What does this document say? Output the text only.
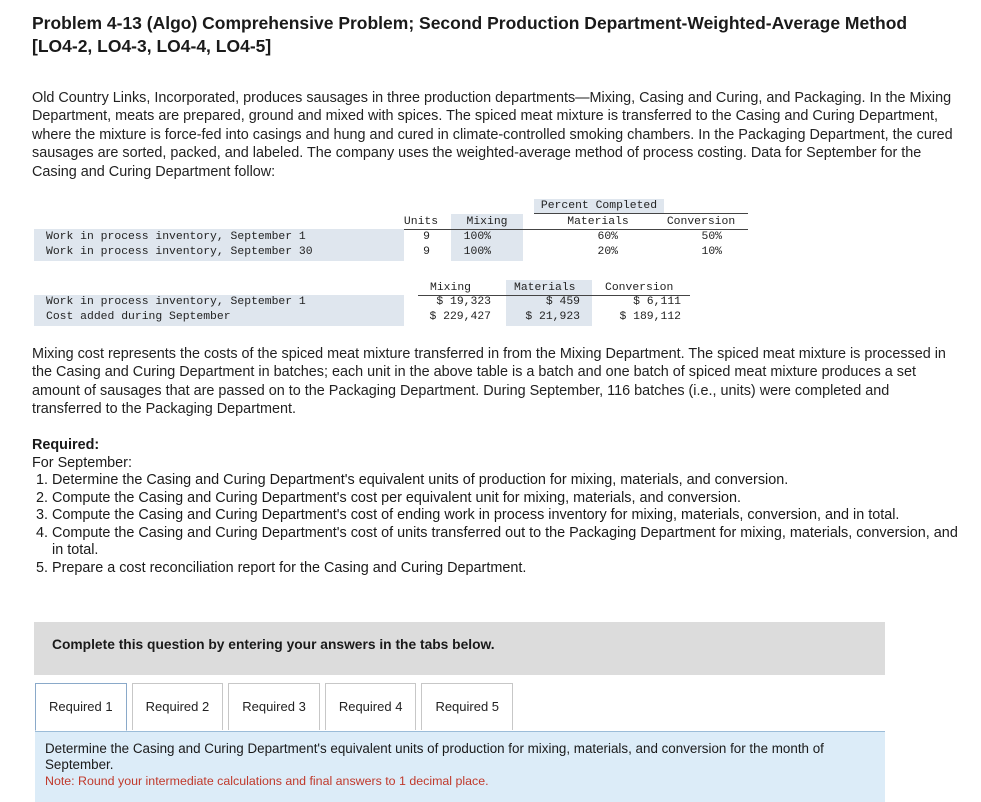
Problem 4-13 (Algo) Comprehensive Problem; Second Production Department-Weighted-Average Method [LO4-2, LO4-3, LO4-4, LO4-5]
Old Country Links, Incorporated, produces sausages in three production departments—Mixing, Casing and Curing, and Packaging. In the Mixing Department, meats are prepared, ground and mixed with spices. The spiced meat mixture is transferred to the Casing and Curing Department, where the mixture is force-fed into casings and hung and cured in climate-controlled smoking chambers. In the Packaging Department, the cured sausages are sorted, packed, and labeled. The company uses the weighted-average method of process costing. Data for September for the Casing and Curing Department follow:
Percent Completed
Units	Mixing	Materials	Conversion
Work in process inventory, September 1	9	100%	60%	50%
Work in process inventory, September 30	9	100%	20%	10%
Mixing	Materials	Conversion
Work in process inventory, September 1	$ 19,323	$ 459	$ 6,111
Cost added during September	$ 229,427	$ 21,923	$ 189,112
Mixing cost represents the costs of the spiced meat mixture transferred in from the Mixing Department. The spiced meat mixture is processed in the Casing and Curing Department in batches; each unit in the above table is a batch and one batch of spiced meat mixture produces a set amount of sausages that are passed on to the Packaging Department. During September, 116 batches (i.e., units) were completed and transferred to the Packaging Department.
Required:
For September:
1. Determine the Casing and Curing Department's equivalent units of production for mixing, materials, and conversion.
2. Compute the Casing and Curing Department's cost per equivalent unit for mixing, materials, and conversion.
3. Compute the Casing and Curing Department's cost of ending work in process inventory for mixing, materials, conversion, and in total.
4. Compute the Casing and Curing Department's cost of units transferred out to the Packaging Department for mixing, materials, conversion, and in total.
5. Prepare a cost reconciliation report for the Casing and Curing Department.
Complete this question by entering your answers in the tabs below.
Required 1	Required 2	Required 3	Required 4	Required 5
Determine the Casing and Curing Department's equivalent units of production for mixing, materials, and conversion for the month of September.
Note: Round your intermediate calculations and final answers to 1 decimal place.
